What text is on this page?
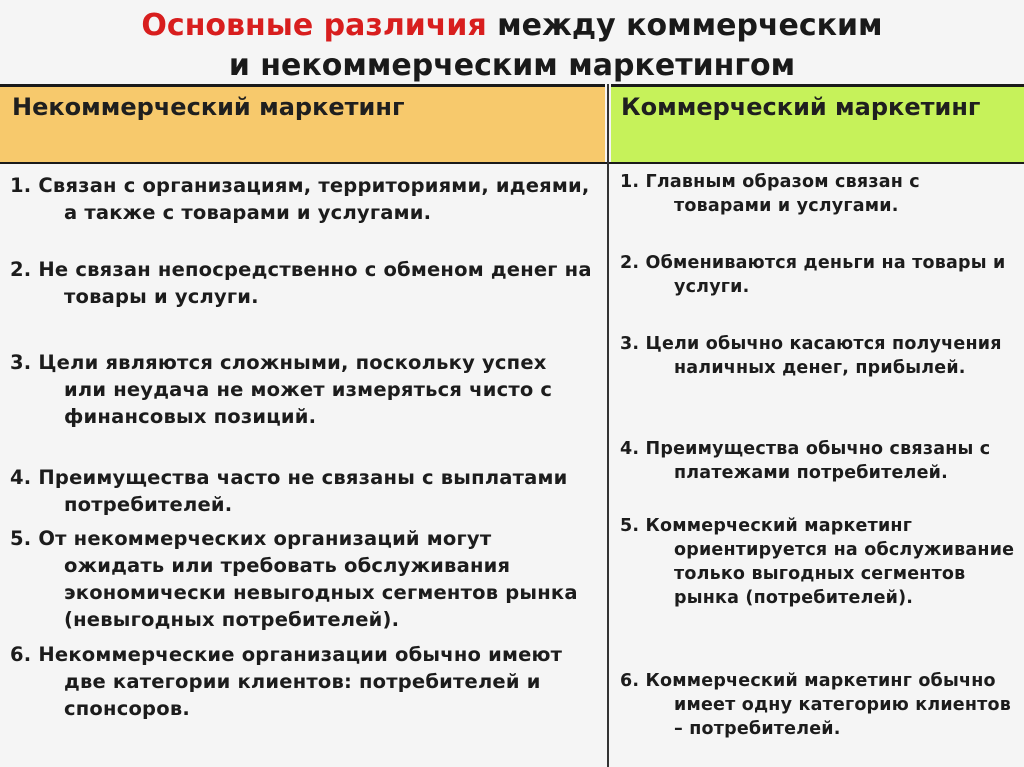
Основные различия между коммерческим
и некоммерческим маркетингом
Некоммерческий маркетинг	Коммерческий маркетинг
1. Связан с организациям, территориями, идеями, а также с товарами и услугами.
2. Не связан непосредственно с обменом денег на товары и услуги.
3. Цели являются сложными, поскольку успех или неудача не может измеряться чисто с финансовых позиций.
4. Преимущества часто не связаны с выплатами потребителей.
5. От некоммерческих организаций могут ожидать или требовать обслуживания экономически невыгодных сегментов рынка (невыгодных потребителей).
6. Некоммерческие организации обычно имеют две категории клиентов: потребителей и спонсоров.
1. Главным образом связан с товарами и услугами.
2. Обмениваются деньги на товары и услуги.
3. Цели обычно касаются получения наличных денег, прибылей.
4. Преимущества обычно связаны с платежами потребителей.
5. Коммерческий маркетинг ориентируется на обслуживание только выгодных сегментов рынка (потребителей).
6. Коммерческий маркетинг обычно имеет одну категорию клиентов – потребителей.
